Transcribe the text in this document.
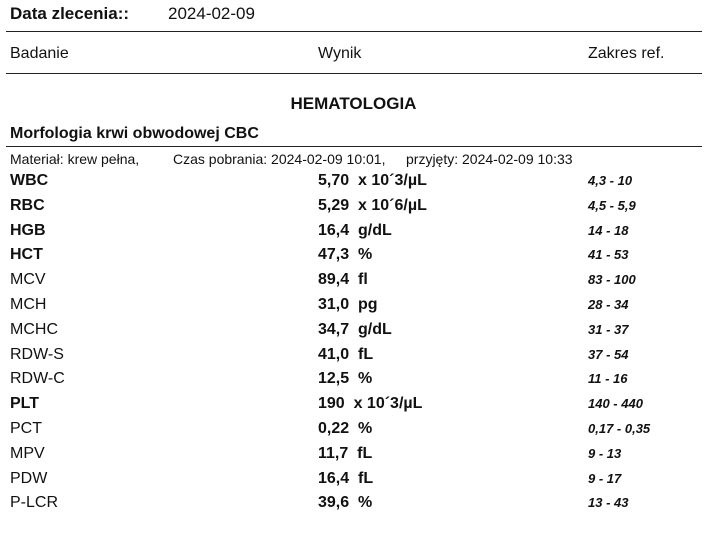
Data zlecenia:: 2024-02-09
Badanie	Wynik	Zakres ref.
HEMATOLOGIA
Morfologia krwi obwodowej CBC
Materiał: krew pełna, Czas pobrania: 2024-02-09 10:01, przyjęty: 2024-02-09 10:33
WBC	5,70  x 10´3/µL	4,3 - 10
RBC	5,29  x 10´6/µL	4,5 - 5,9
HGB	16,4  g/dL	14 - 18
HCT	47,3  %	41 - 53
MCV	89,4  fl	83 - 100
MCH	31,0  pg	28 - 34
MCHC	34,7  g/dL	31 - 37
RDW-S	41,0  fL	37 - 54
RDW-C	12,5  %	11 - 16
PLT	190  x 10´3/µL	140 - 440
PCT	0,22  %	0,17 - 0,35
MPV	11,7  fL	9 - 13
PDW	16,4  fL	9 - 17
P-LCR	39,6  %	13 - 43
